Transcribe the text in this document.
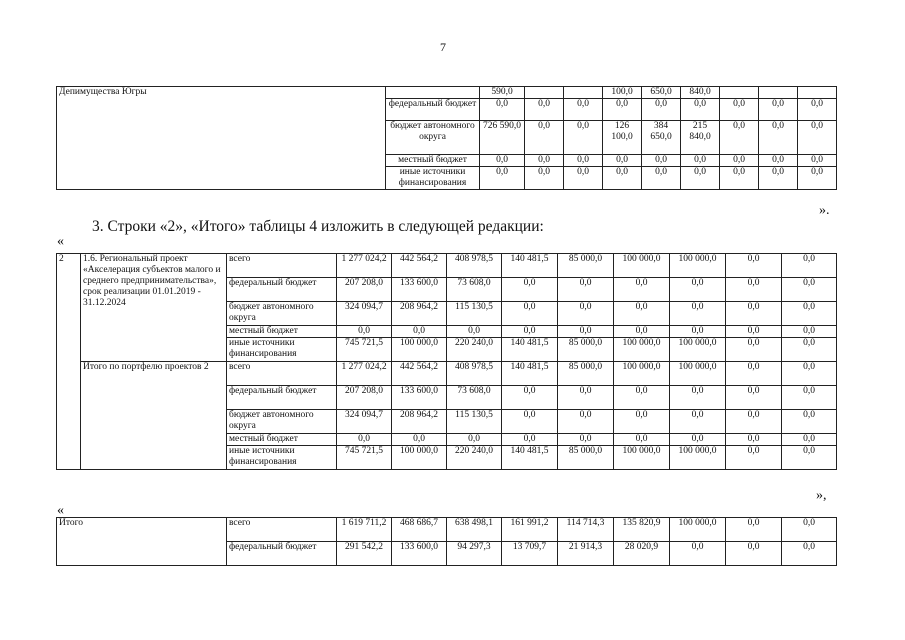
7
Депимущества Югры		590,0			100,0	650,0	840,0			
	федеральный бюджет	0,0	0,0	0,0	0,0	0,0	0,0	0,0	0,0	0,0
	бюджет автономного округа	726 590,0	0,0	0,0	126 100,0	384 650,0	215 840,0	0,0	0,0	0,0
	местный бюджет	0,0	0,0	0,0	0,0	0,0	0,0	0,0	0,0	0,0
	иные источники финансирования	0,0	0,0	0,0	0,0	0,0	0,0	0,0	0,0	0,0
».
3. Строки «2», «Итого» таблицы 4 изложить в следующей редакции:
«
2	1.6. Региональный проект «Акселерация субъектов малого и среднего предпринимательства», срок реализации 01.01.2019 - 31.12.2024	всего	1 277 024,2	442 564,2	408 978,5	140 481,5	85 000,0	100 000,0	100 000,0	0,0	0,0
		федеральный бюджет	207 208,0	133 600,0	73 608,0	0,0	0,0	0,0	0,0	0,0	0,0
		бюджет автономного округа	324 094,7	208 964,2	115 130,5	0,0	0,0	0,0	0,0	0,0	0,0
		местный бюджет	0,0	0,0	0,0	0,0	0,0	0,0	0,0	0,0	0,0
		иные источники финансирования	745 721,5	100 000,0	220 240,0	140 481,5	85 000,0	100 000,0	100 000,0	0,0	0,0
	Итого по портфелю проектов 2	всего	1 277 024,2	442 564,2	408 978,5	140 481,5	85 000,0	100 000,0	100 000,0	0,0	0,0
		федеральный бюджет	207 208,0	133 600,0	73 608,0	0,0	0,0	0,0	0,0	0,0	0,0
		бюджет автономного округа	324 094,7	208 964,2	115 130,5	0,0	0,0	0,0	0,0	0,0	0,0
		местный бюджет	0,0	0,0	0,0	0,0	0,0	0,0	0,0	0,0	0,0
		иные источники финансирования	745 721,5	100 000,0	220 240,0	140 481,5	85 000,0	100 000,0	100 000,0	0,0	0,0
»,
«
Итого	всего	1 619 711,2	468 686,7	638 498,1	161 991,2	114 714,3	135 820,9	100 000,0	0,0	0,0
	федеральный бюджет	291 542,2	133 600,0	94 297,3	13 709,7	21 914,3	28 020,9	0,0	0,0	0,0
